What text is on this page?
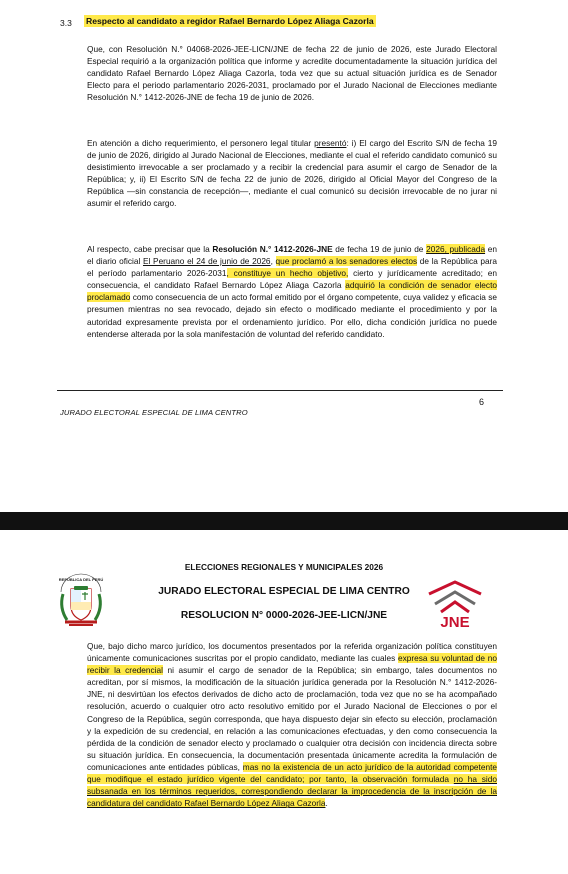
3.3 Respecto al candidato a regidor Rafael Bernardo López Aliaga Cazorla

Que, con Resolución N.° 04068-2026-JEE-LICN/JNE de fecha 22 de junio de 2026, este Jurado Electoral Especial requirió a la organización política que informe y acredite documentadamente la situación jurídica del candidato Rafael Bernardo López Aliaga Cazorla, toda vez que su actual situación jurídica es de Senador Electo para el periodo parlamentario 2026-2031, proclamado por el Jurado Nacional de Elecciones mediante Resolución N.° 1412-2026-JNE de fecha 19 de junio de 2026.

En atención a dicho requerimiento, el personero legal titular presentó: i) El cargo del Escrito S/N de fecha 19 de junio de 2026, dirigido al Jurado Nacional de Elecciones, mediante el cual el referido candidato comunicó su desistimiento irrevocable a ser proclamado y a recibir la credencial para asumir el cargo de Senador de la República; y, ii) El Escrito S/N de fecha 22 de junio de 2026, dirigido al Oficial Mayor del Congreso de la República —sin constancia de recepción—, mediante el cual comunicó su decisión irrevocable de no jurar ni asumir el referido cargo.

Al respecto, cabe precisar que la Resolución N.° 1412-2026-JNE de fecha 19 de junio de 2026, publicada en el diario oficial El Peruano el 24 de junio de 2026, que proclamó a los senadores electos de la República para el período parlamentario 2026-2031, constituye un hecho objetivo, cierto y jurídicamente acreditado; en consecuencia, el candidato Rafael Bernardo López Aliaga Cazorla adquirió la condición de senador electo proclamado como consecuencia de un acto formal emitido por el órgano competente, cuya validez y eficacia se presumen mientras no sea revocado, dejado sin efecto o modificado mediante el procedimiento y por la autoridad expresamente prevista por el ordenamiento jurídico. Por ello, dicha condición jurídica no puede entenderse alterada por la sola manifestación de voluntad del referido candidato.

6
JURADO ELECTORAL ESPECIAL DE LIMA CENTRO
REPÚBLICA DEL PERÚ
ELECCIONES REGIONALES Y MUNICIPALES 2026
JURADO ELECTORAL ESPECIAL DE LIMA CENTRO
RESOLUCION N° 0000-2026-JEE-LICN/JNE	JNE

Que, bajo dicho marco jurídico, los documentos presentados por la referida organización política constituyen únicamente comunicaciones suscritas por el propio candidato, mediante las cuales expresa su voluntad de no recibir la credencial ni asumir el cargo de senador de la República; sin embargo, tales documentos no acreditan, por sí mismos, la modificación de la situación jurídica generada por la Resolución N.° 1412-2026-JNE, ni desvirtúan los efectos derivados de dicho acto de proclamación, toda vez que no se ha acompañado resolución, acuerdo o cualquier otro acto resolutivo emitido por el Jurado Nacional de Elecciones o por el Congreso de la República, según corresponda, que haya dispuesto dejar sin efecto su elección, proclamación y la expedición de su credencial, en relación a las comunicaciones efectuadas, y den como consecuencia la pérdida de la condición de senador electo y proclamado o cualquier otra decisión con incidencia directa sobre su situación jurídica. En consecuencia, la documentación presentada únicamente acredita la formulación de comunicaciones ante entidades públicas, mas no la existencia de un acto jurídico de la autoridad competente que modifique el estado jurídico vigente del candidato; por tanto, la observación formulada no ha sido subsanada en los términos requeridos, correspondiendo declarar la improcedencia de la inscripción de la candidatura del candidato Rafael Bernardo López Aliaga Cazorla.
